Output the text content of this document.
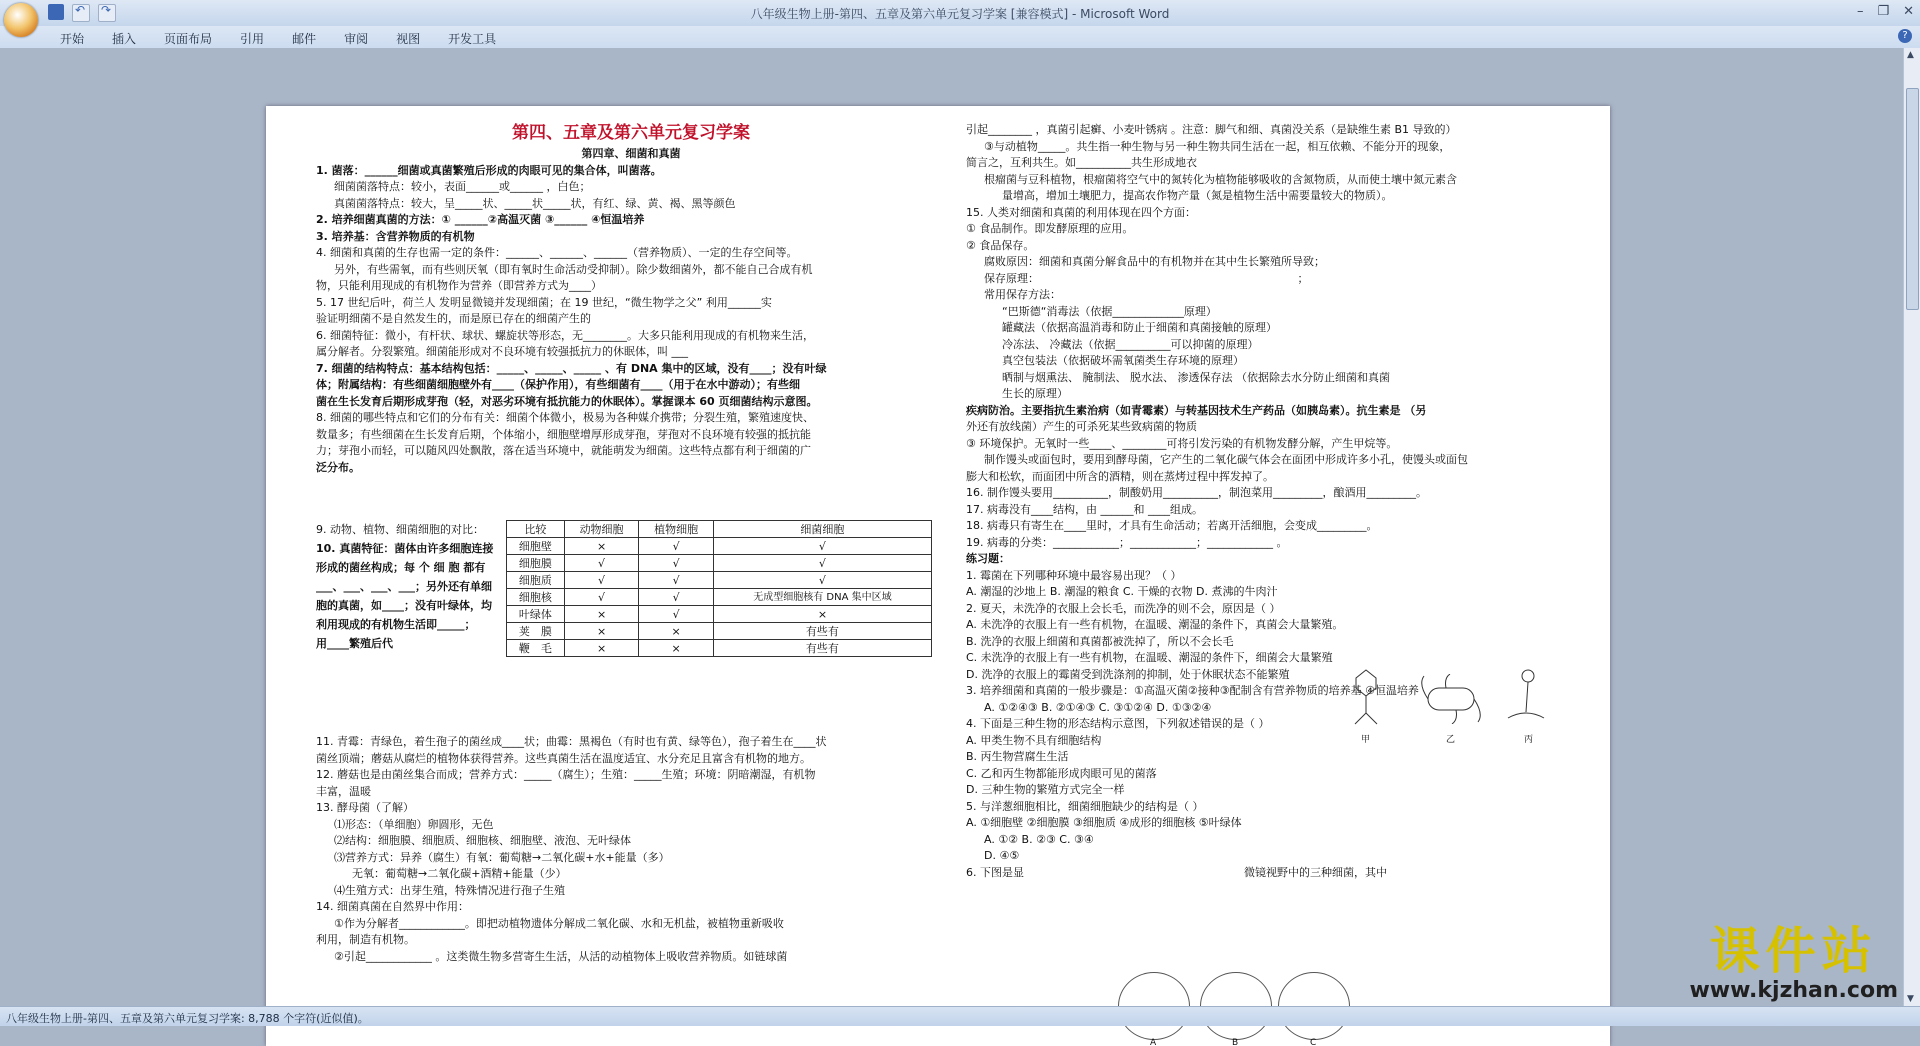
↶
↷
八年级生物上册-第四、五章及第六单元复习学案 [兼容模式] - Microsoft Word	– ❐ ✕
开始 插入 页面布局 引用 邮件 审阅 视图 开发工具	?

第四、五章及第六单元复习学案

第四章、细菌和真菌

1. 菌落：______细菌或真菌繁殖后形成的肉眼可见的集合体，叫菌落。

细菌菌落特点：较小，表面______或______ ，白色；

真菌菌落特点：较大，呈_____状、_____状_____状，有红、绿、黄、褐、黑等颜色

2. 培养细菌真菌的方法：① ______②高温灭菌 ③______ ④恒温培养

3. 培养基：含营养物质的有机物

4. 细菌和真菌的生存也需一定的条件：______、______、______（营养物质）、一定的生存空间等。

另外，有些需氧，而有些则厌氧（即有氧时生命活动受抑制）。除少数细菌外，都不能自己合成有机

物，只能利用现成的有机物作为营养（即营养方式为____）

5. 17 世纪后叶，荷兰人 发明显微镜并发现细菌；在 19 世纪，“微生物学之父” 利用______实

验证明细菌不是自然发生的，而是原已存在的细菌产生的

6. 细菌特征：微小，有杆状、球状、螺旋状等形态，无________。大多只能利用现成的有机物来生活，

属分解者。分裂繁殖。细菌能形成对不良环境有较强抵抗力的休眠体，叫 ___

7. 细菌的结构特点：基本结构包括：_____、_____、_____ 、有 DNA 集中的区域，没有____；没有叶绿

体；附属结构：有些细菌细胞壁外有____（保护作用），有些细菌有____（用于在水中游动）；有些细

菌在生长发育后期形成芽孢（轻，对恶劣环境有抵抗能力的休眠体）。掌握课本 60 页细菌结构示意图。

8. 细菌的哪些特点和它们的分布有关：细菌个体微小，极易为各种媒介携带；分裂生殖，繁殖速度快、

数量多；有些细菌在生长发育后期，个体缩小，细胞壁增厚形成芽孢，芽孢对不良环境有较强的抵抗能

力；芽孢小而轻，可以随风四处飘散，落在适当环境中，就能萌发为细菌。这些特点都有利于细菌的广

泛分布。

9. 动物、植物、细菌细胞的对比：
10. 真菌特征：菌体由许多细胞连接形成的菌丝构成；每 个 细 胞 都有___、___、___、___；另外还有单细胞的真菌，如____；没有叶绿体，均利用现成的有机物生活即_____；
用____繁殖后代
比较	动物细胞	植物细胞	细菌细胞
细胞壁	×	√	√
细胞膜	√	√	√
细胞质	√	√	√
细胞核	√	√	无成型细胞核有 DNA 集中区域
叶绿体	×	√	×
荚　膜	×	×	有些有
鞭　毛	×	×	有些有

11. 青霉：青绿色，着生孢子的菌丝成____状；曲霉：黑褐色（有时也有黄、绿等色），孢子着生在____状

菌丝顶端；蘑菇从腐烂的植物体获得营养。这些真菌生活在温度适宜、水分充足且富含有机物的地方。

12. 蘑菇也是由菌丝集合而成；营养方式：_____（腐生）；生殖：_____生殖；环境：阴暗潮湿，有机物

丰富，温暖

13. 酵母菌（了解）

⑴形态：（单细胞）卵圆形，无色

⑵结构：细胞膜、细胞质、细胞核、细胞壁、液泡、无叶绿体

⑶营养方式：异养（腐生）有氧：葡萄糖→二氧化碳+水+能量（多）

无氧：葡萄糖→二氧化碳+酒精+能量（少）

⑷生殖方式：出芽生殖，特殊情况进行孢子生殖

14. 细菌真菌在自然界中作用：

①作为分解者____________。即把动植物遗体分解成二氧化碳、水和无机盐，被植物重新吸收

利用，制造有机物。

②引起____________ 。这类微生物多营寄生生活，从活的动植物体上吸收营养物质。如链球菌

引起________ ，真菌引起癣、小麦叶锈病 。注意：脚气和细、真菌没关系（是缺维生素 B1 导致的）

③与动植物_____。共生指一种生物与另一种生物共同生活在一起，相互依赖、不能分开的现象，

简言之，互利共生。如__________共生形成地衣

根瘤菌与豆科植物，根瘤菌将空气中的氮转化为植物能够吸收的含氮物质，从而使土壤中氮元素含

量增高，增加土壤肥力，提高农作物产量（氮是植物生活中需要量较大的物质）。

15. 人类对细菌和真菌的利用体现在四个方面：

① 食品制作。即发酵原理的应用。

② 食品保存。

腐败原因：细菌和真菌分解食品中的有机物并在其中生长繁殖所导致；

保存原理：　　　　　　　　　　　　　　　　　　　　　　　　；

常用保存方法：

“巴斯德“消毒法（依据_____________原理）

罐藏法（依据高温消毒和防止于细菌和真菌接触的原理）

冷冻法、 冷藏法（依据__________可以抑菌的原理）

真空包装法（依据破坏需氧菌类生存环境的原理）

晒制与烟熏法、 腌制法、 脱水法、 渗透保存法 （依据除去水分防止细菌和真菌

生长的原理）

疾病防治。主要指抗生素治病（如青霉素）与转基因技术生产药品（如胰岛素）。抗生素是 （另

外还有放线菌）产生的可杀死某些致病菌的物质

③ 环境保护。无氧时一些____、________可将引发污染的有机物发酵分解，产生甲烷等。

制作馒头或面包时，要用到酵母菌，它产生的二氧化碳气体会在面团中形成许多小孔，使馒头或面包

膨大和松软，而面团中所含的酒精，则在蒸烤过程中挥发掉了。

16. 制作馒头要用__________，制酸奶用__________，制泡菜用_________，酿酒用_________。

17. 病毒没有____结构，由 ______和 ____组成。

18. 病毒只有寄生在____里时，才具有生命活动；若离开活细胞，会变成_________。

19. 病毒的分类：____________；____________；____________ 。

练习题：

1. 霉菌在下列哪种环境中最容易出现？（ ）

A. 潮湿的沙地上 B. 潮湿的粮食 C. 干燥的衣物 D. 煮沸的牛肉汁

2. 夏天，未洗净的衣服上会长毛，而洗净的则不会，原因是（ ）

A. 未洗净的衣服上有一些有机物，在温暖、潮湿的条件下，真菌会大量繁殖。

B. 洗净的衣服上细菌和真菌都被洗掉了，所以不会长毛

C. 未洗净的衣服上有一些有机物，在温暖、潮湿的条件下，细菌会大量繁殖

D. 洗净的衣服上的霉菌受到洗涤剂的抑制，处于休眠状态不能繁殖

3. 培养细菌和真菌的一般步骤是：①高温灭菌②接种③配制含有营养物质的培养基 ④恒温培养

A. ①②④③ B. ②①④③ C. ③①②④ D. ①③②④

4. 下面是三种生物的形态结构示意图，下列叙述错误的是（ ）

A. 甲类生物不具有细胞结构

B. 丙生物营腐生生活

C. 乙和丙生物都能形成肉眼可见的菌落

D. 三种生物的繁殖方式完全一样

5. 与洋葱细胞相比，细菌细胞缺少的结构是（ ）

A. ①细胞壁 ②细胞膜 ③细胞质 ④成形的细胞核 ⑤叶绿体

A. ①② B. ②③ C. ③④

D. ④⑤

6. 下图是显　　　　　　　　　　　　　　　　　　　　微镜视野中的三种细菌，其中

甲	乙	丙
A	B	C
▲
▼
八年级生物上册-第四、五章及第六单元复习学案: 8,788 个字符(近似值)。
课件站
www.kjzhan.com
